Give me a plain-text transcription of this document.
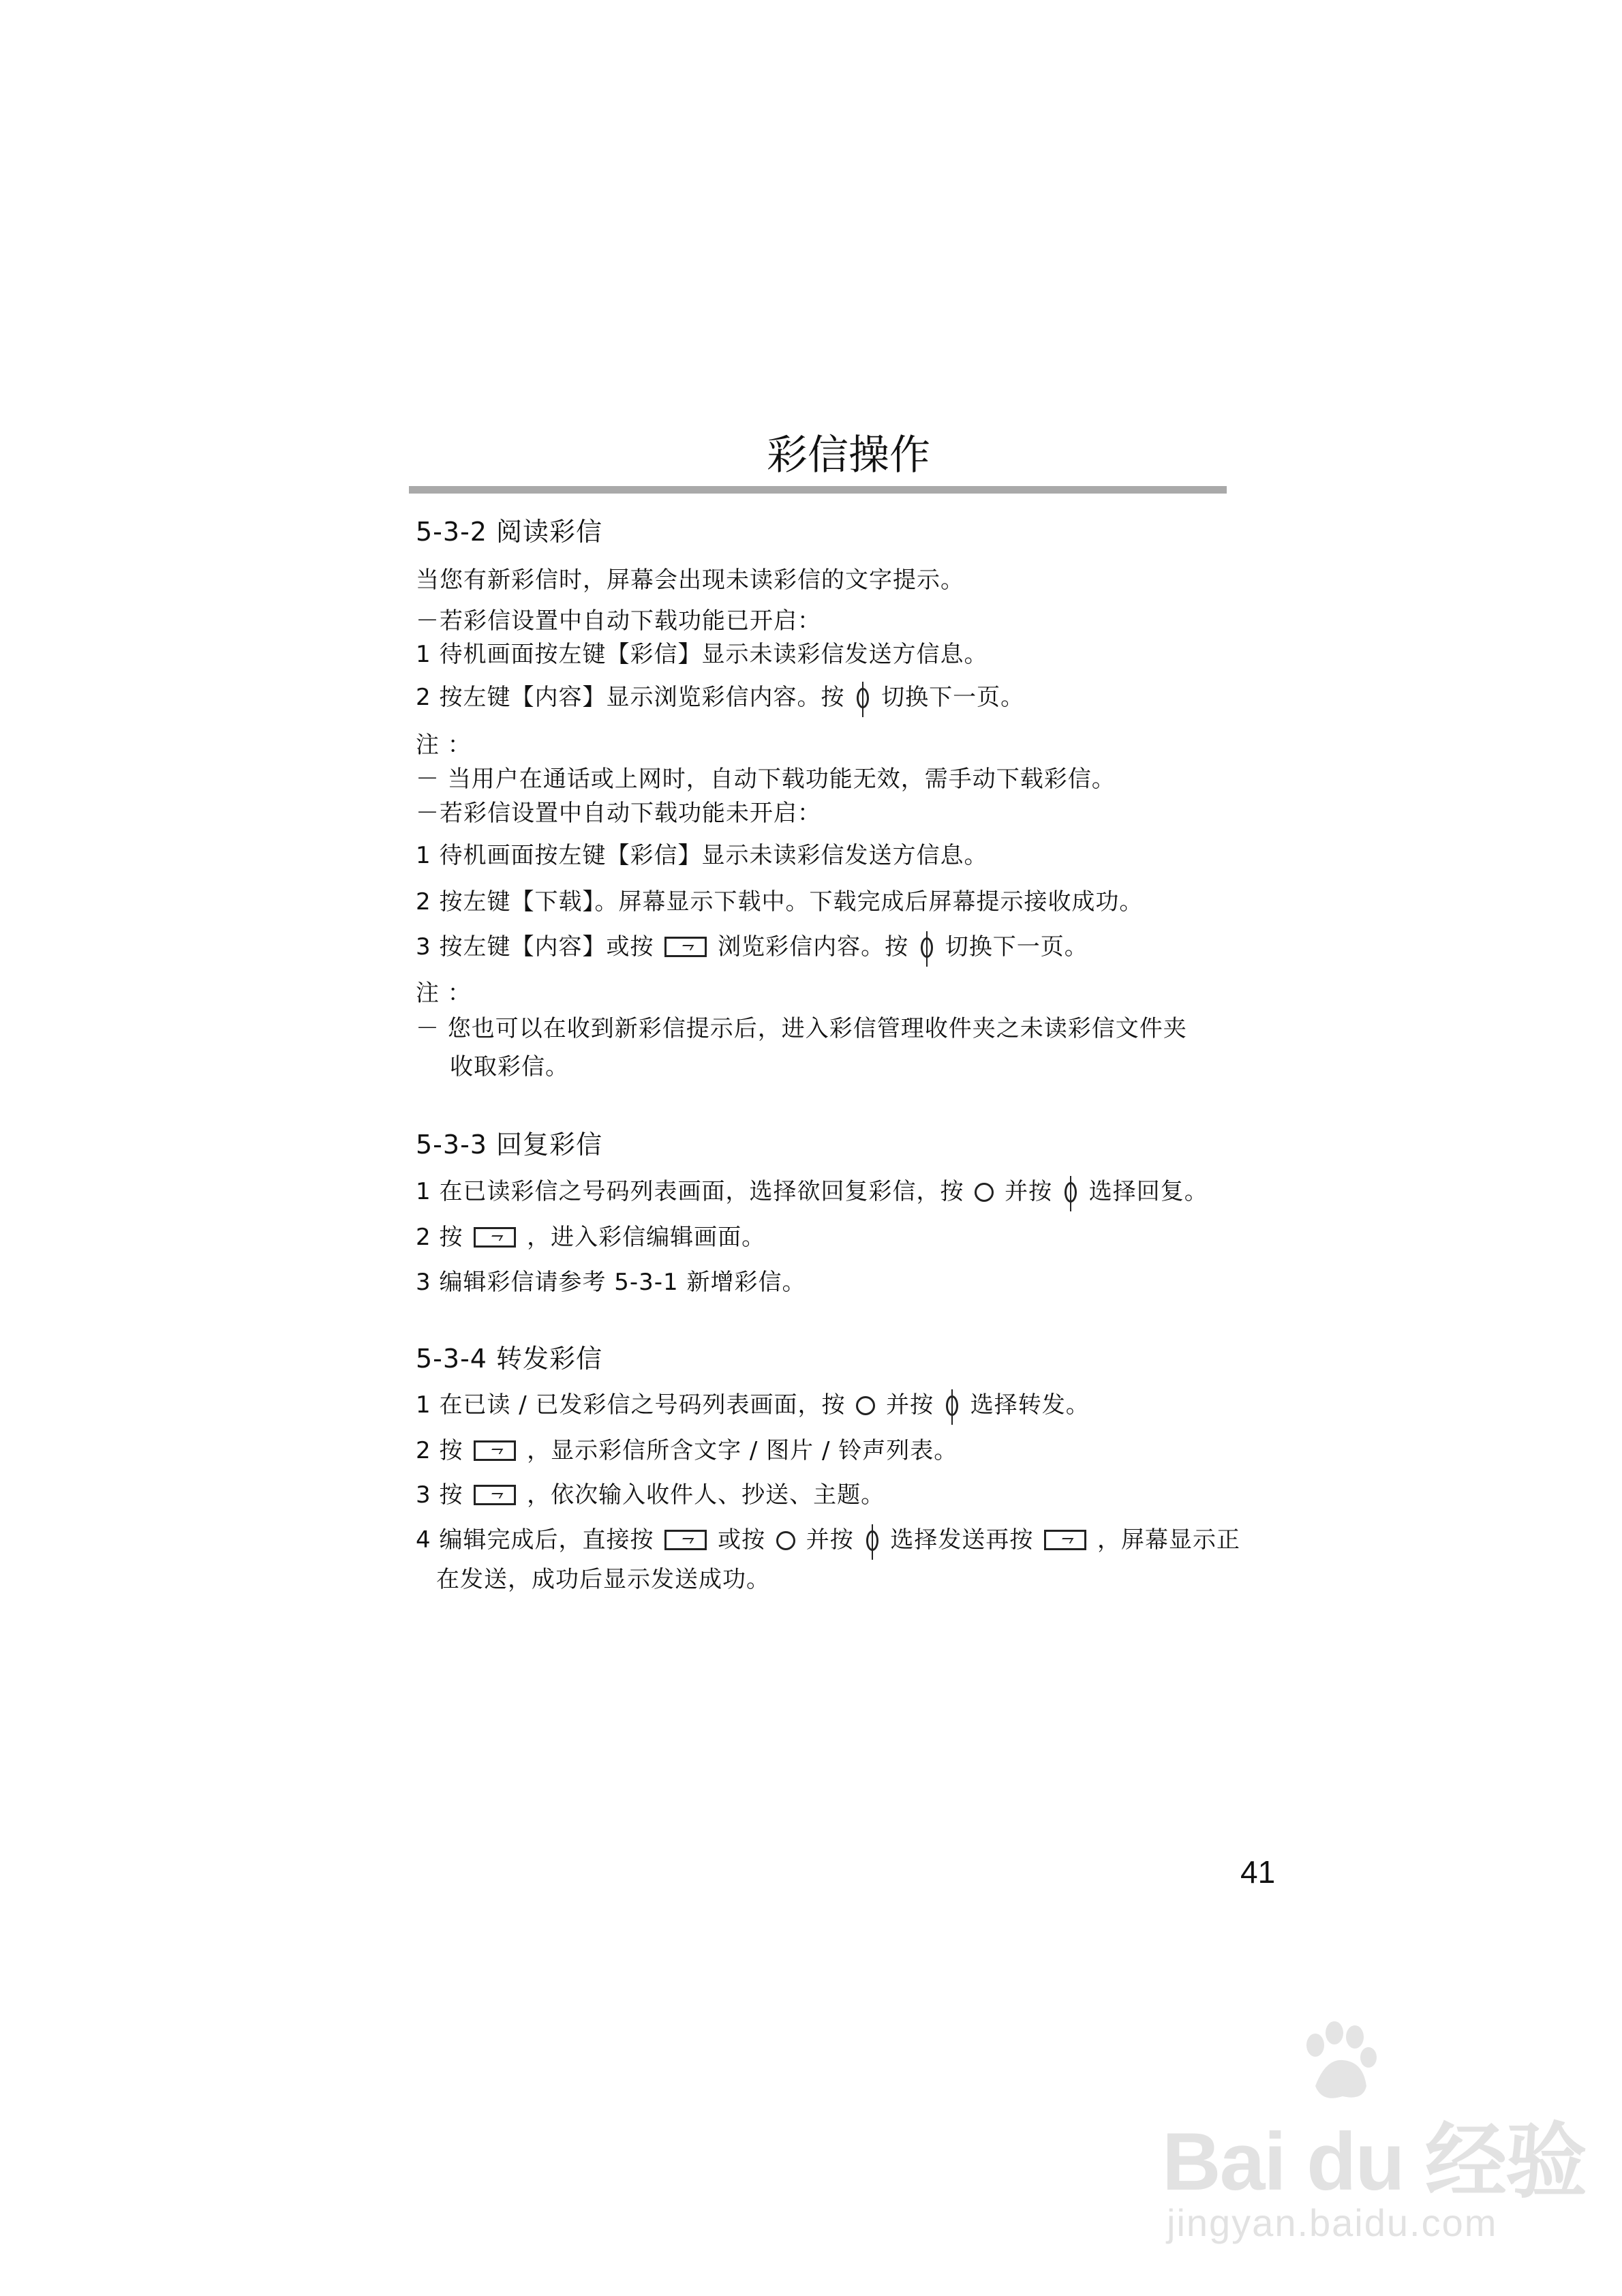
彩信操作
5-3-2 阅读彩信
当您有新彩信时，屏幕会出现未读彩信的文字提示。
－若彩信设置中自动下载功能已开启：
1 待机画面按左键【彩信】显示未读彩信发送方信息。
2 按左键【内容】显示浏览彩信内容。按 切换下一页。
注 ：
－ 当用户在通话或上网时，自动下载功能无效，需手动下载彩信。
－若彩信设置中自动下载功能未开启：
1 待机画面按左键【彩信】显示未读彩信发送方信息。
2 按左键【下载】。屏幕显示下载中。下载完成后屏幕提示接收成功。
3 按左键【内容】或按	浏览彩信内容。按 切换下一页。
注 ：
－ 您也可以在收到新彩信提示后，进入彩信管理收件夹之未读彩信文件夹
收取彩信。
5-3-3 回复彩信
1 在已读彩信之号码列表画面，选择欲回复彩信，按 并按 选择回复。
2 按	，进入彩信编辑画面。
3 编辑彩信请参考 5-3-1 新增彩信。
5-3-4 转发彩信
1 在已读 / 已发彩信之号码列表画面，按 并按 选择转发。
2 按	，显示彩信所含文字 / 图片 / 铃声列表。
3 按	，依次输入收件人、抄送、主题。
4 编辑完成后，直接按	或按 并按 选择发送再按	，屏幕显示正
在发送，成功后显示发送成功。
41
Bai du 经验
jingyan.baidu.com
